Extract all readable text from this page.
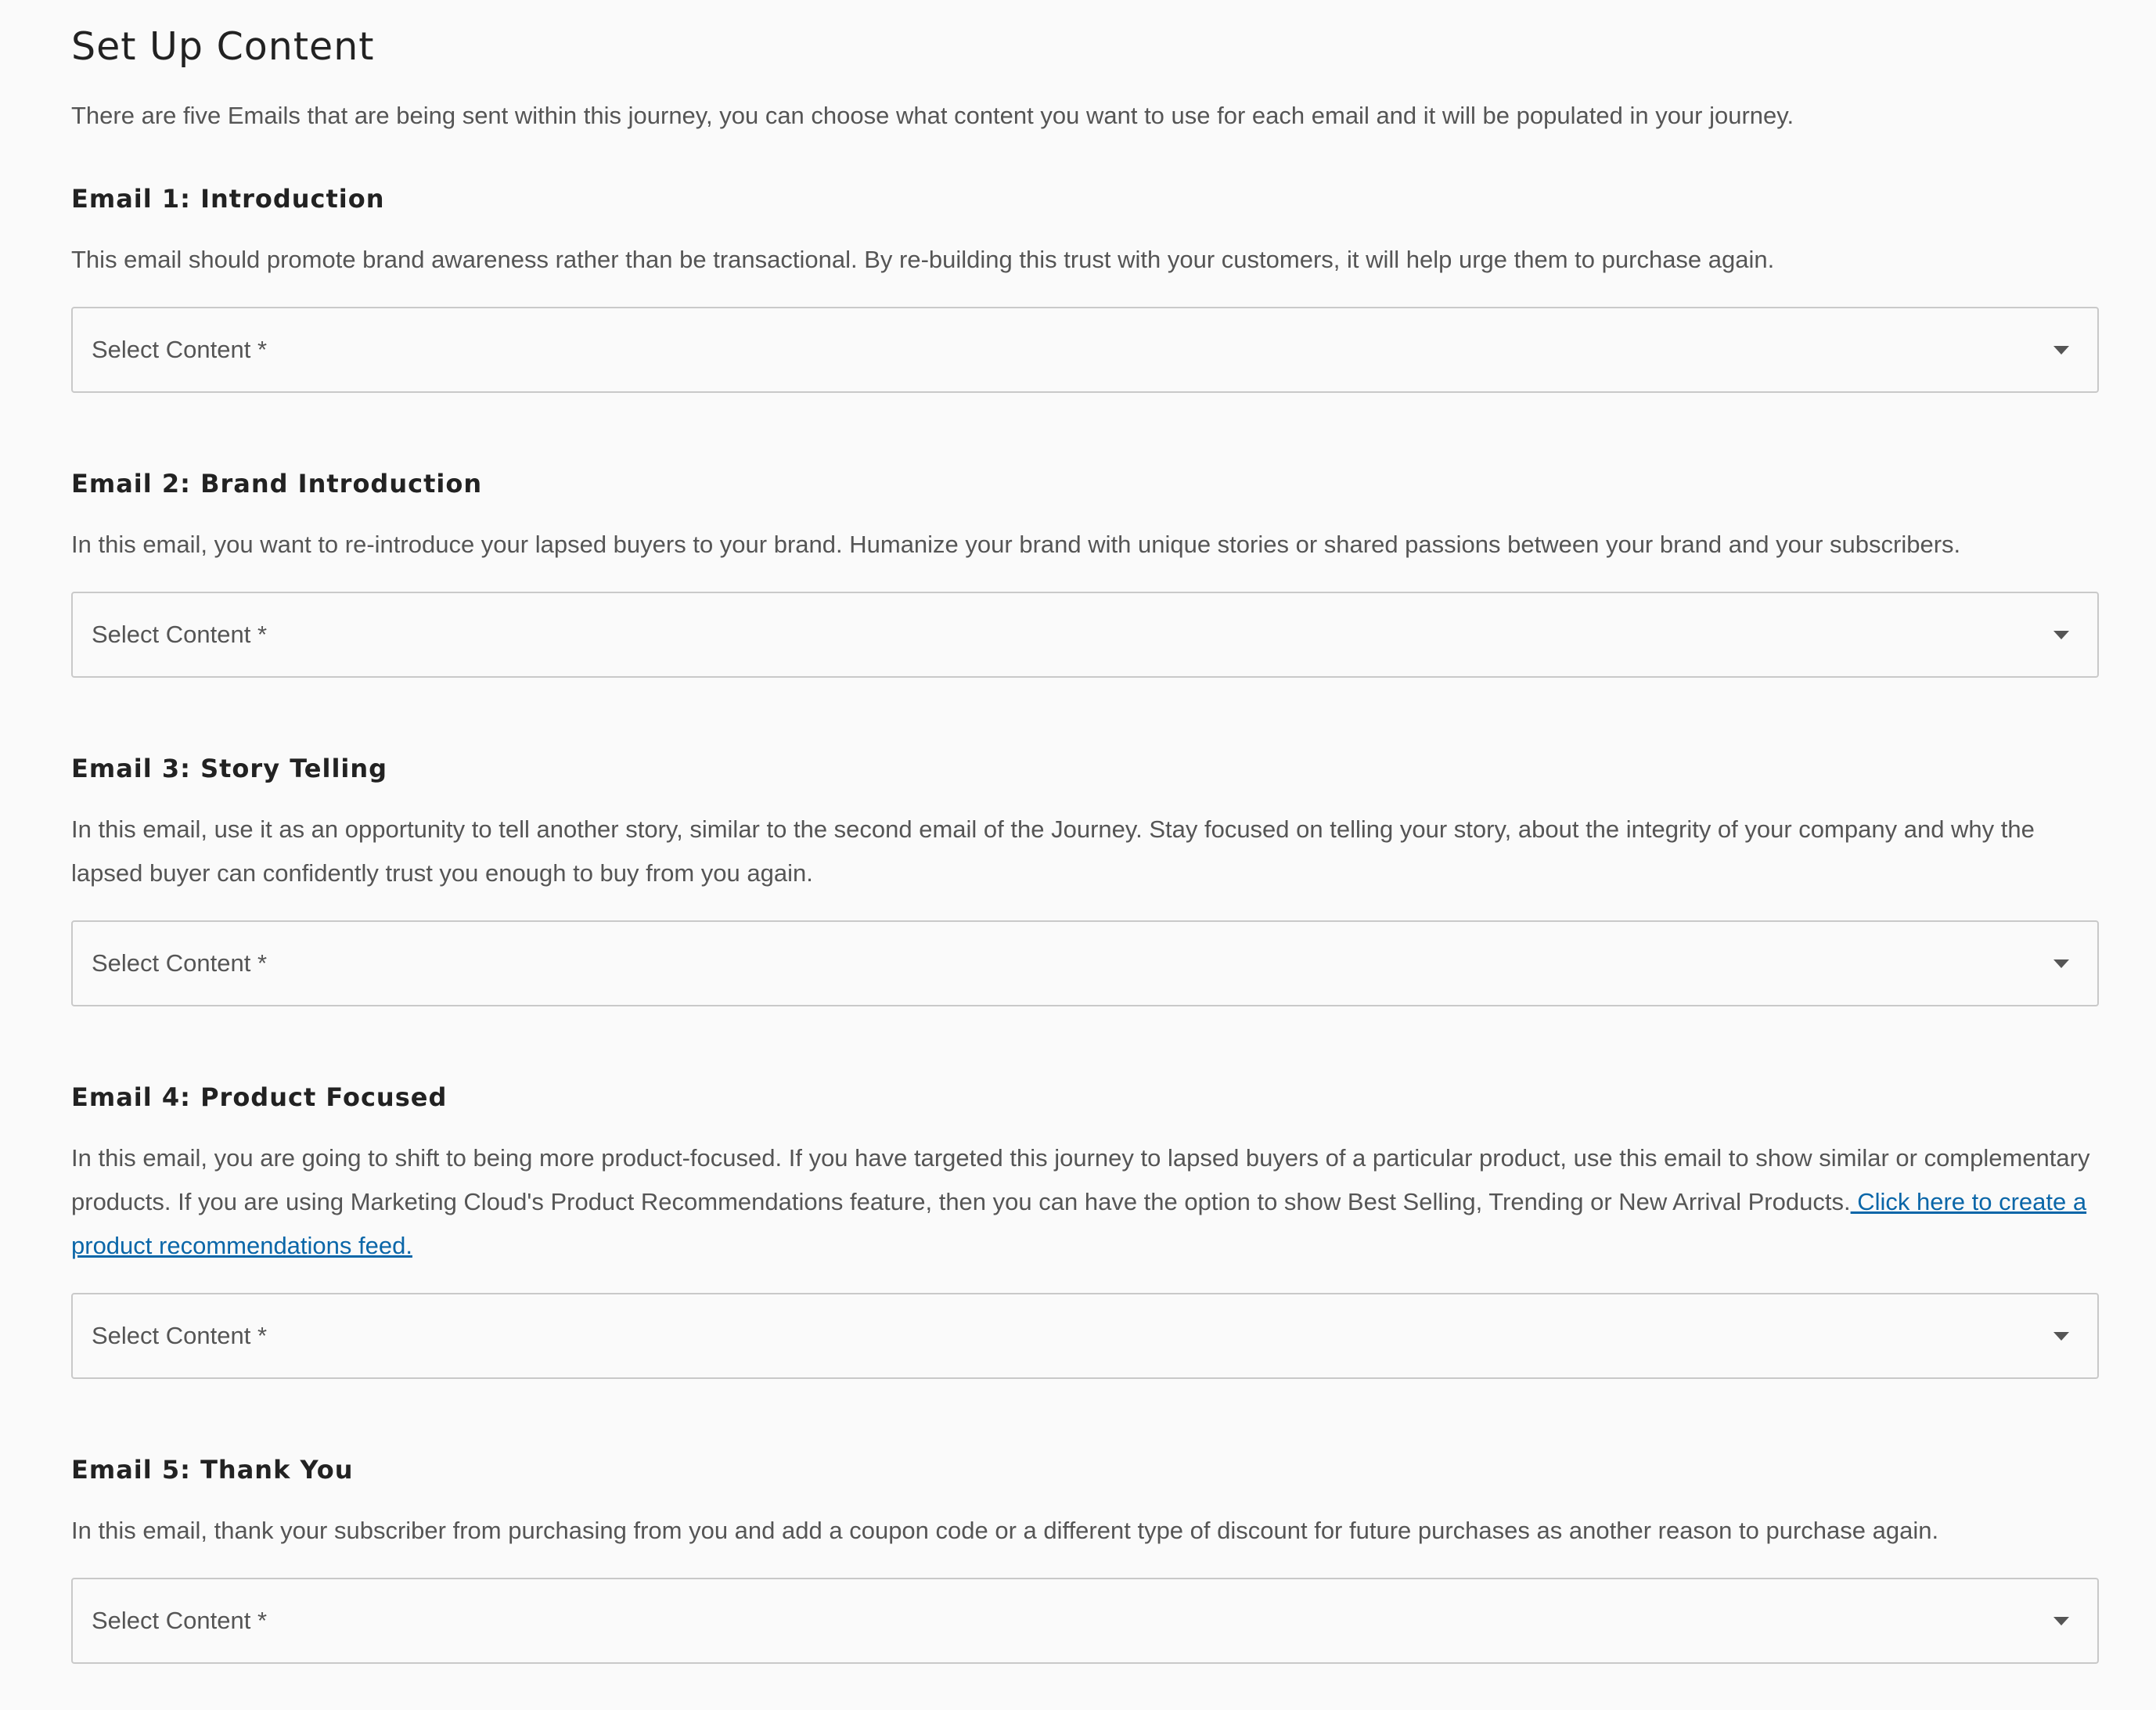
Set Up Content

There are five Emails that are being sent within this journey, you can choose what content you want to use for each email and it will be populated in your journey.

Email 1: Introduction

This email should promote brand awareness rather than be transactional. By re-building this trust with your customers, it will help urge them to purchase again.

Select Content *
Email 2: Brand Introduction

In this email, you want to re-introduce your lapsed buyers to your brand. Humanize your brand with unique stories or shared passions between your brand and your subscribers.

Select Content *
Email 3: Story Telling

In this email, use it as an opportunity to tell another story, similar to the second email of the Journey. Stay focused on telling your story, about the integrity of your company and why the lapsed buyer can confidently trust you enough to buy from you again.

Select Content *
Email 4: Product Focused

In this email, you are going to shift to being more product-focused. If you have targeted this journey to lapsed buyers of a particular product, use this email to show similar or complementary products. If you are using Marketing Cloud's Product Recommendations feature, then you can have the option to show Best Selling, Trending or New Arrival Products. Click here to create a product recommendations feed.

Select Content *
Email 5: Thank You

In this email, thank your subscriber from purchasing from you and add a coupon code or a different type of discount for future purchases as another reason to purchase again.

Select Content *
